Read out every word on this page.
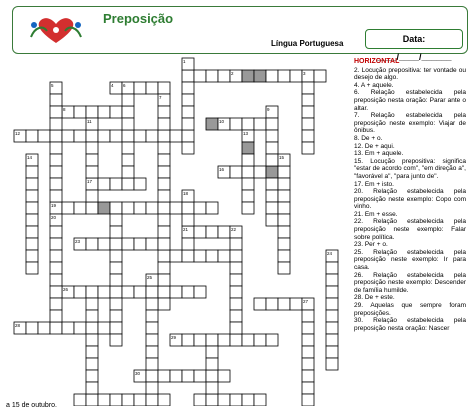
Preposição
Língua Portuguesa	Data: ____/____/______
2	3
4 6
8
10
12
16
17
19
21	22
23
26
27
28
29
30
1
5
7
9
11
13
14	15
18
20
24
25
HORIZONTAL

2. Locução prepositiva: ter vontade ou desejo de algo.

4. A + aquele.

6. Relação estabelecida pela preposição nesta oração: Parar ante o altar.

7. Relação estabelecida pela preposição neste exemplo: Viajar de ônibus.

8. De + o.

12. De + aqui.

13. Em + aquele.

15. Locução prepositiva: significa "estar de acordo com", "em direção a", "favorável a", "para junto de".

17. Em + isto.

20. Relação estabelecida pela preposição neste exemplo: Copo com vinho.

21. Em + esse.

22. Relação estabelecida pela preposição neste exemplo: Falar sobre política.

23. Per + o.

25. Relação estabelecida pela preposição neste exemplo: Ir para casa.

26. Relação estabelecida pela preposição neste exemplo: Descender de família humilde.

28. De + este.

29. Aquelas que sempre foram preposições.

30. Relação estabelecida pela preposição nesta oração: Nascer

a 15 de outubro.
